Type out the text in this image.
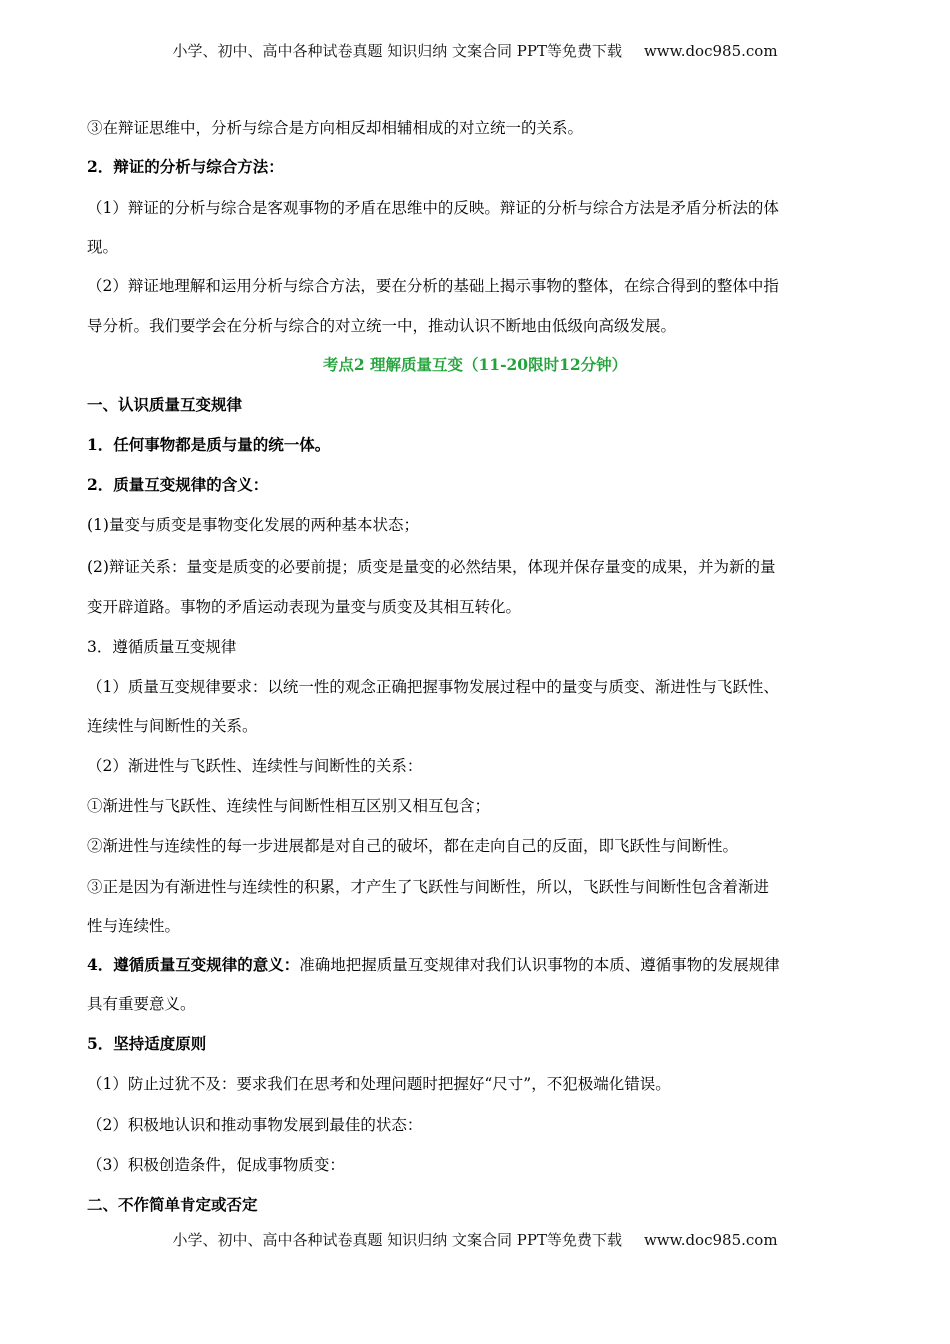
小学、初中、高中各种试卷真题 知识归纳 文案合同 PPT等免费下载 www.doc985.com
③在辩证思维中，分析与综合是方向相反却相辅相成的对立统一的关系。
2．辩证的分析与综合方法：
（1）辩证的分析与综合是客观事物的矛盾在思维中的反映。辩证的分析与综合方法是矛盾分析法的体
现。
（2）辩证地理解和运用分析与综合方法，要在分析的基础上揭示事物的整体，在综合得到的整体中指
导分析。我们要学会在分析与综合的对立统一中，推动认识不断地由低级向高级发展。
考点2 理解质量互变（11-20限时12分钟）
一、认识质量互变规律
1．任何事物都是质与量的统一体。
2．质量互变规律的含义：
(1)量变与质变是事物变化发展的两种基本状态；
(2)辩证关系：量变是质变的必要前提；质变是量变的必然结果，体现并保存量变的成果，并为新的量
变开辟道路。事物的矛盾运动表现为量变与质变及其相互转化。
3．遵循质量互变规律
（1）质量互变规律要求：以统一性的观念正确把握事物发展过程中的量变与质变、渐进性与飞跃性、
连续性与间断性的关系。
（2）渐进性与飞跃性、连续性与间断性的关系：
①渐进性与飞跃性、连续性与间断性相互区别又相互包含；
②渐进性与连续性的每一步进展都是对自己的破坏，都在走向自己的反面，即飞跃性与间断性。
③正是因为有渐进性与连续性的积累，才产生了飞跃性与间断性，所以，飞跃性与间断性包含着渐进
性与连续性。
4．遵循质量互变规律的意义：准确地把握质量互变规律对我们认识事物的本质、遵循事物的发展规律
具有重要意义。
5．坚持适度原则
（1）防止过犹不及：要求我们在思考和处理问题时把握好“尺寸”，不犯极端化错误。
（2）积极地认识和推动事物发展到最佳的状态：
（3）积极创造条件，促成事物质变：
二、不作简单肯定或否定
小学、初中、高中各种试卷真题 知识归纳 文案合同 PPT等免费下载 www.doc985.com
